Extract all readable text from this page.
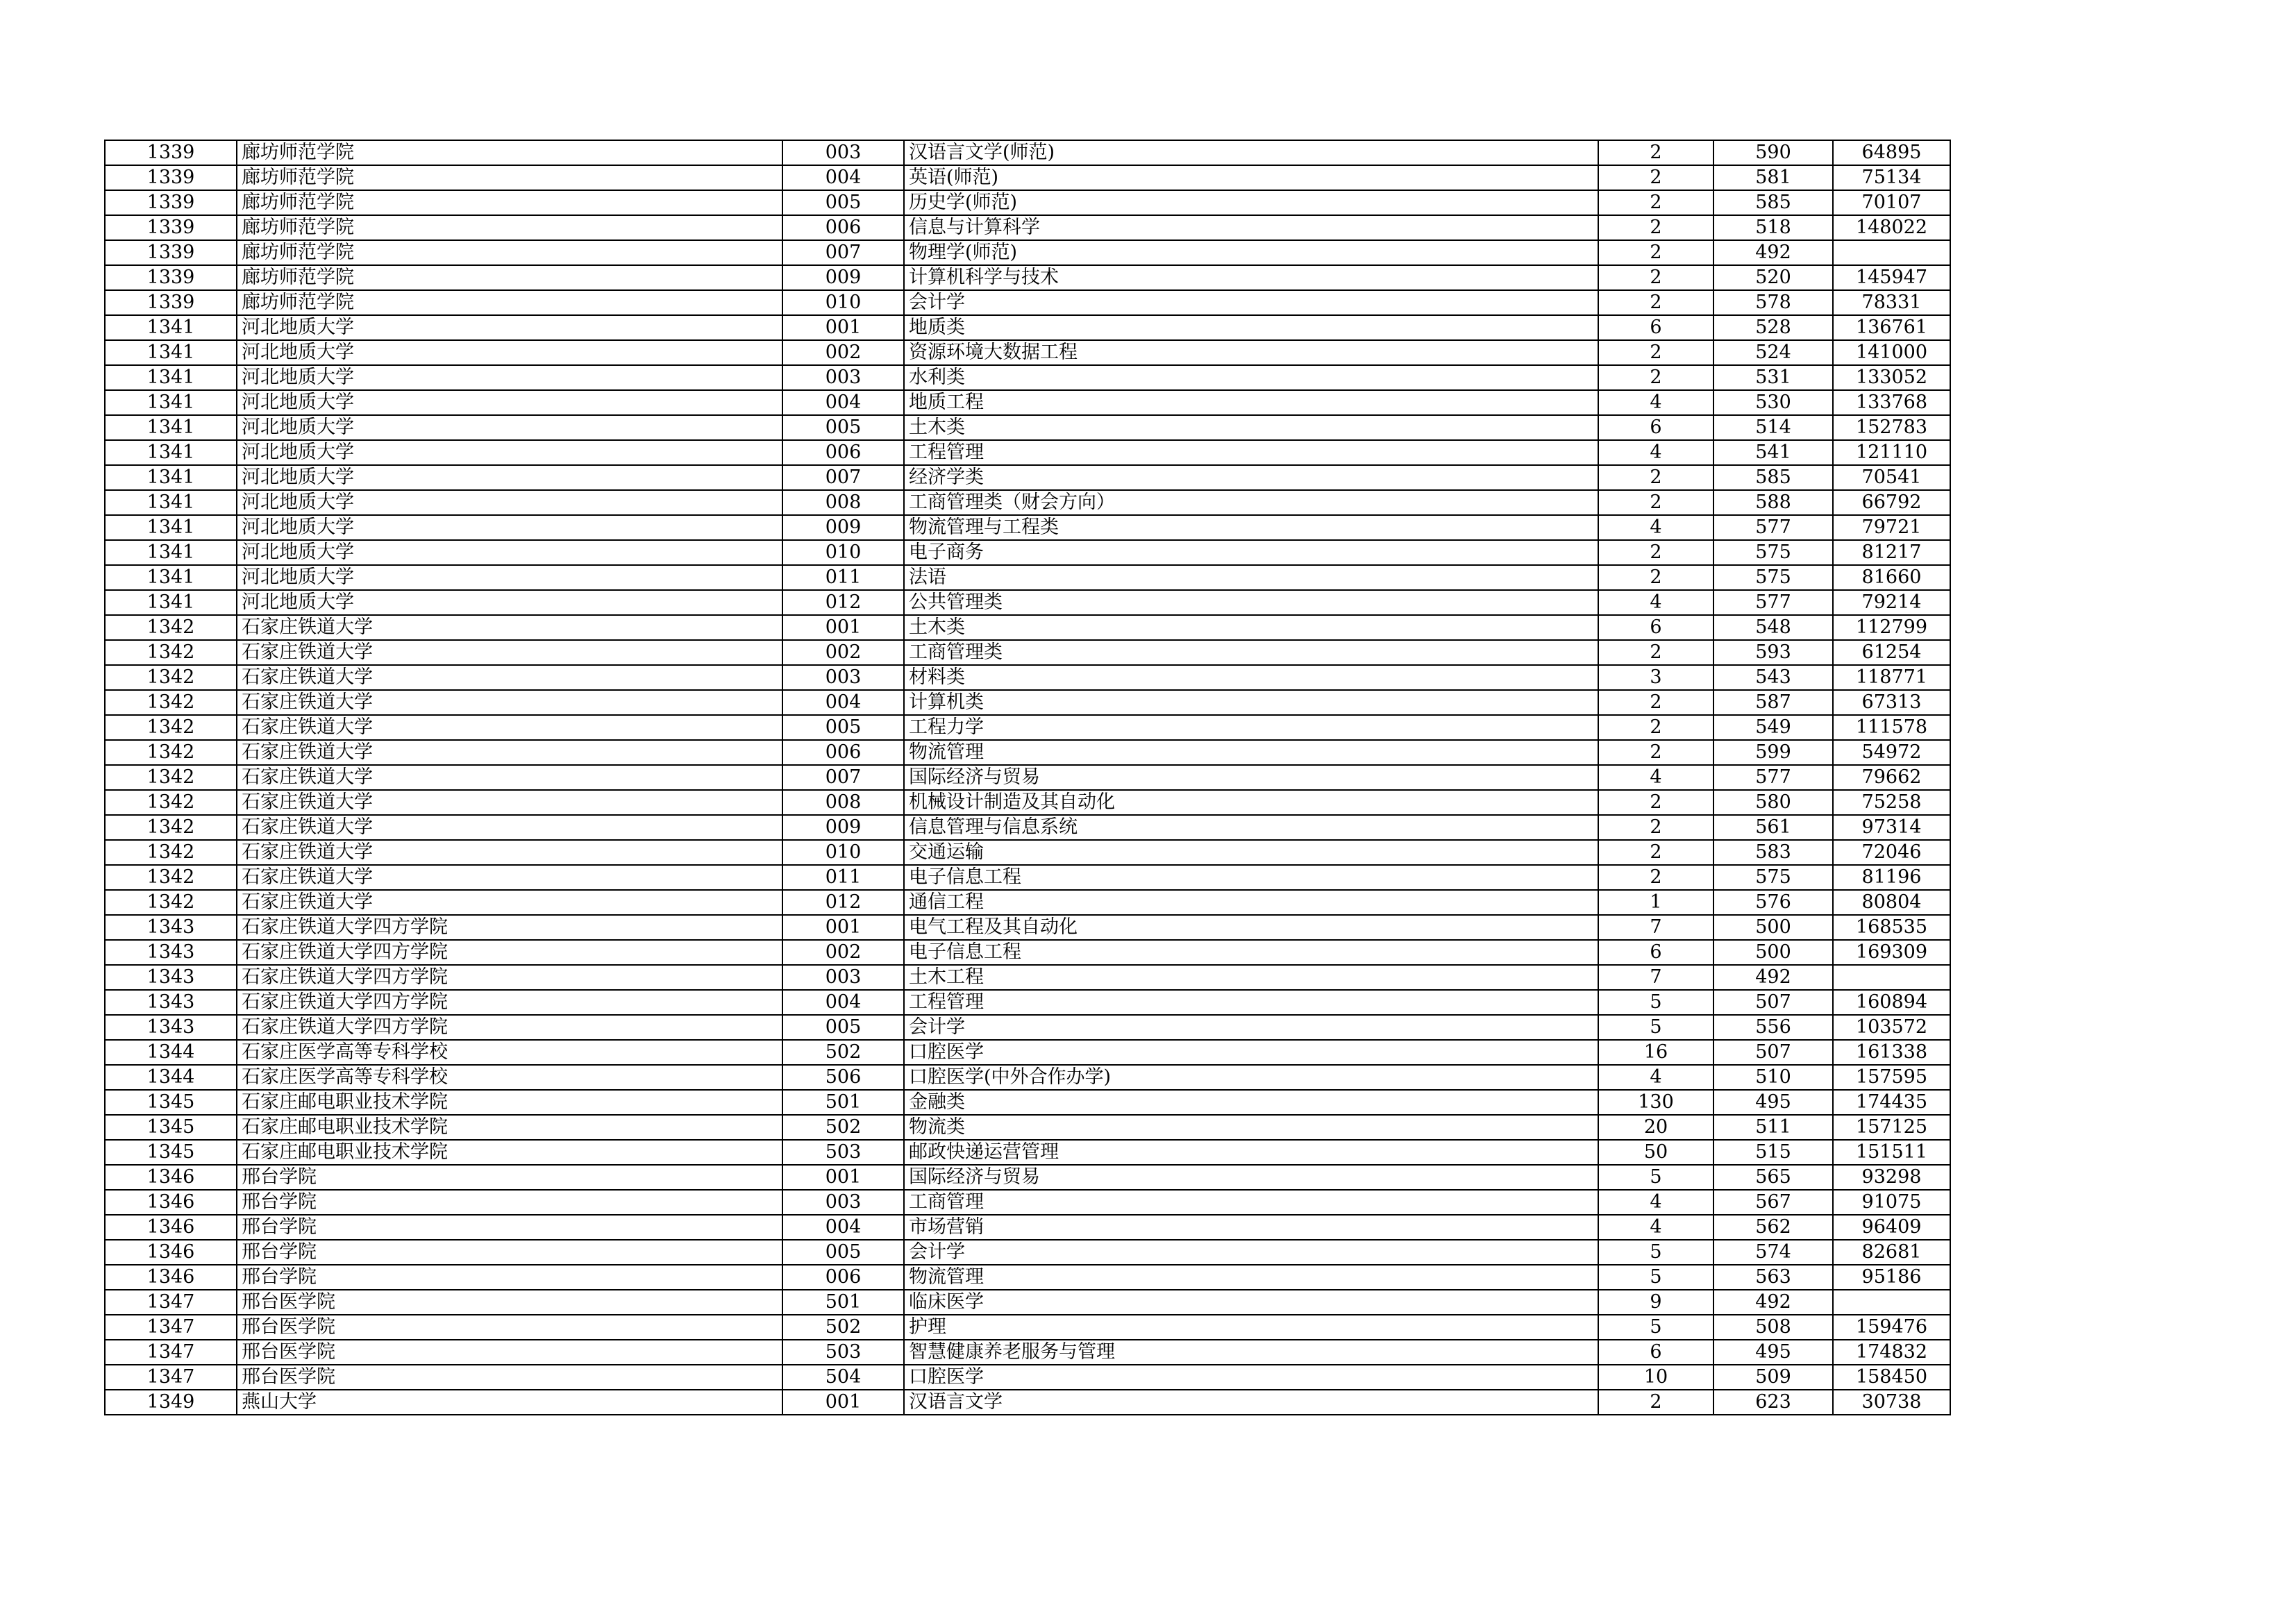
1339	廊坊师范学院	003	汉语言文学(师范)	2	590	64895
1339	廊坊师范学院	004	英语(师范)	2	581	75134
1339	廊坊师范学院	005	历史学(师范)	2	585	70107
1339	廊坊师范学院	006	信息与计算科学	2	518	148022
1339	廊坊师范学院	007	物理学(师范)	2	492	
1339	廊坊师范学院	009	计算机科学与技术	2	520	145947
1339	廊坊师范学院	010	会计学	2	578	78331
1341	河北地质大学	001	地质类	6	528	136761
1341	河北地质大学	002	资源环境大数据工程	2	524	141000
1341	河北地质大学	003	水利类	2	531	133052
1341	河北地质大学	004	地质工程	4	530	133768
1341	河北地质大学	005	土木类	6	514	152783
1341	河北地质大学	006	工程管理	4	541	121110
1341	河北地质大学	007	经济学类	2	585	70541
1341	河北地质大学	008	工商管理类（财会方向）	2	588	66792
1341	河北地质大学	009	物流管理与工程类	4	577	79721
1341	河北地质大学	010	电子商务	2	575	81217
1341	河北地质大学	011	法语	2	575	81660
1341	河北地质大学	012	公共管理类	4	577	79214
1342	石家庄铁道大学	001	土木类	6	548	112799
1342	石家庄铁道大学	002	工商管理类	2	593	61254
1342	石家庄铁道大学	003	材料类	3	543	118771
1342	石家庄铁道大学	004	计算机类	2	587	67313
1342	石家庄铁道大学	005	工程力学	2	549	111578
1342	石家庄铁道大学	006	物流管理	2	599	54972
1342	石家庄铁道大学	007	国际经济与贸易	4	577	79662
1342	石家庄铁道大学	008	机械设计制造及其自动化	2	580	75258
1342	石家庄铁道大学	009	信息管理与信息系统	2	561	97314
1342	石家庄铁道大学	010	交通运输	2	583	72046
1342	石家庄铁道大学	011	电子信息工程	2	575	81196
1342	石家庄铁道大学	012	通信工程	1	576	80804
1343	石家庄铁道大学四方学院	001	电气工程及其自动化	7	500	168535
1343	石家庄铁道大学四方学院	002	电子信息工程	6	500	169309
1343	石家庄铁道大学四方学院	003	土木工程	7	492	
1343	石家庄铁道大学四方学院	004	工程管理	5	507	160894
1343	石家庄铁道大学四方学院	005	会计学	5	556	103572
1344	石家庄医学高等专科学校	502	口腔医学	16	507	161338
1344	石家庄医学高等专科学校	506	口腔医学(中外合作办学)	4	510	157595
1345	石家庄邮电职业技术学院	501	金融类	130	495	174435
1345	石家庄邮电职业技术学院	502	物流类	20	511	157125
1345	石家庄邮电职业技术学院	503	邮政快递运营管理	50	515	151511
1346	邢台学院	001	国际经济与贸易	5	565	93298
1346	邢台学院	003	工商管理	4	567	91075
1346	邢台学院	004	市场营销	4	562	96409
1346	邢台学院	005	会计学	5	574	82681
1346	邢台学院	006	物流管理	5	563	95186
1347	邢台医学院	501	临床医学	9	492	
1347	邢台医学院	502	护理	5	508	159476
1347	邢台医学院	503	智慧健康养老服务与管理	6	495	174832
1347	邢台医学院	504	口腔医学	10	509	158450
1349	燕山大学	001	汉语言文学	2	623	30738
